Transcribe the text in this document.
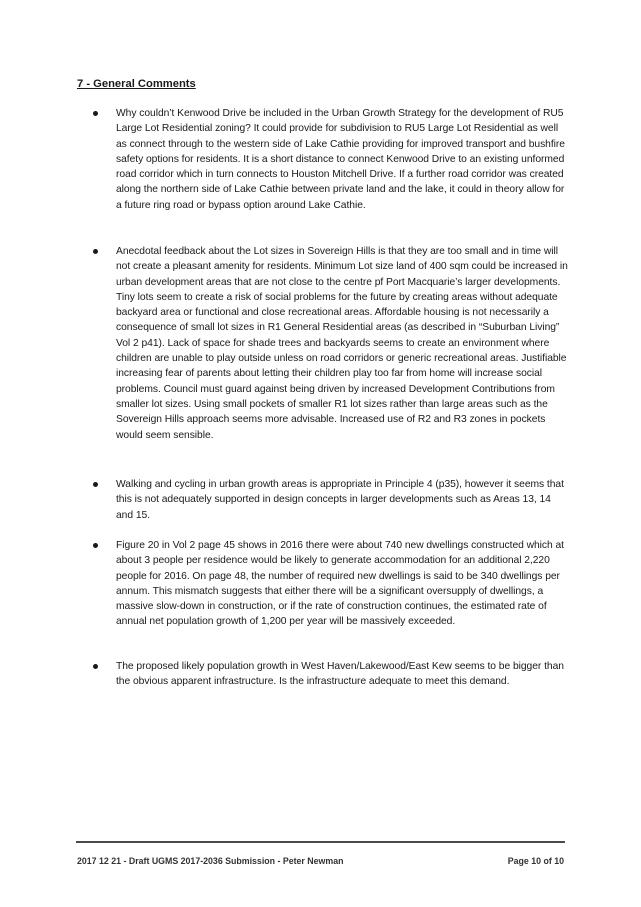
7 - General Comments

Why couldn’t Kenwood Drive be included in the Urban Growth Strategy for the development of RU5 Large Lot Residential zoning? It could provide for subdivision to RU5 Large Lot Residential as well as connect through to the western side of Lake Cathie providing for improved transport and bushfire safety options for residents. It is a short distance to connect Kenwood Drive to an existing unformed road corridor which in turn connects to Houston Mitchell Drive. If a further road corridor was created along the northern side of Lake Cathie between private land and the lake, it could in theory allow for a future ring road or bypass option around Lake Cathie.

Anecdotal feedback about the Lot sizes in Sovereign Hills is that they are too small and in time will not create a pleasant amenity for residents. Minimum Lot size land of 400 sqm could be increased in urban development areas that are not close to the centre pf Port Macquarie’s larger developments. Tiny lots seem to create a risk of social problems for the future by creating areas without adequate backyard area or functional and close recreational areas. Affordable housing is not necessarily a consequence of small lot sizes in R1 General Residential areas (as described in “Suburban Living” Vol 2 p41). Lack of space for shade trees and backyards seems to create an environment where children are unable to play outside unless on road corridors or generic recreational areas. Justifiable increasing fear of parents about letting their children play too far from home will increase social problems. Council must guard against being driven by increased Development Contributions from smaller lot sizes. Using small pockets of smaller R1 lot sizes rather than large areas such as the Sovereign Hills approach seems more advisable. Increased use of R2 and R3 zones in pockets would seem sensible.

Walking and cycling in urban growth areas is appropriate in Principle 4 (p35), however it seems that this is not adequately supported in design concepts in larger developments such as Areas 13, 14 and 15.

Figure 20 in Vol 2 page 45 shows in 2016 there were about 740 new dwellings constructed which at about 3 people per residence would be likely to generate accommodation for an additional 2,220 people for 2016. On page 48, the number of required new dwellings is said to be 340 dwellings per annum. This mismatch suggests that either there will be a significant oversupply of dwellings, a massive slow-down in construction, or if the rate of construction continues, the estimated rate of annual net population growth of 1,200 per year will be massively exceeded.

The proposed likely population growth in West Haven/Lakewood/East Kew seems to be bigger than the obvious apparent infrastructure. Is the infrastructure adequate to meet this demand.

2017 12 21 - Draft UGMS 2017-2036 Submission - Peter Newman	Page 10 of 10
